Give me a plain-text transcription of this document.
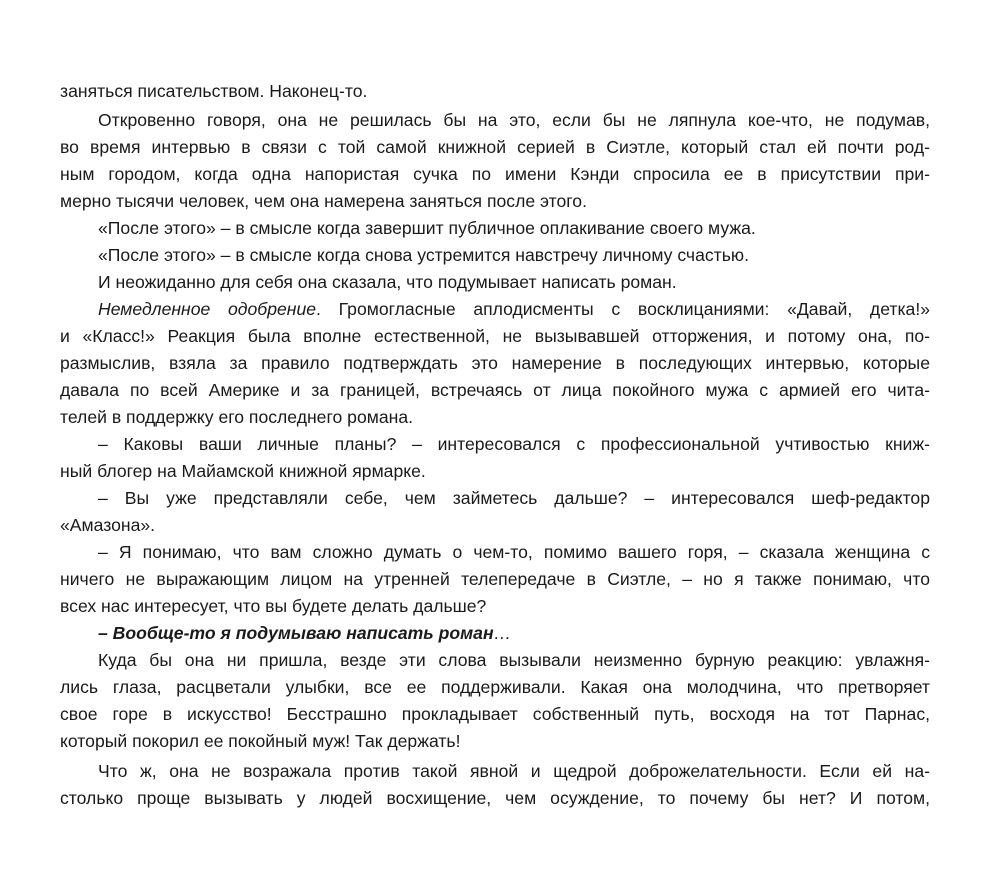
заняться писательством. Наконец-то.
Откровенно говоря, она не решилась бы на это, если бы не ляпнула кое-что, не подумав,
во время интервью в связи с той самой книжной серией в Сиэтле, который стал ей почти род-
ным городом, когда одна напористая сучка по имени Кэнди спросила ее в присутствии при-
мерно тысячи человек, чем она намерена заняться после этого.
«После этого» – в смысле когда завершит публичное оплакивание своего мужа.
«После этого» – в смысле когда снова устремится навстречу личному счастью.
И неожиданно для себя она сказала, что подумывает написать роман.
Немедленное одобрение. Громогласные аплодисменты с восклицаниями: «Давай, детка!»
и «Класс!» Реакция была вполне естественной, не вызывавшей отторжения, и потому она, по-
размыслив, взяла за правило подтверждать это намерение в последующих интервью, которые
давала по всей Америке и за границей, встречаясь от лица покойного мужа с армией его чита-
телей в поддержку его последнего романа.
– Каковы ваши личные планы? – интересовался с профессиональной учтивостью книж-
ный блогер на Майамской книжной ярмарке.
– Вы уже представляли себе, чем займетесь дальше? – интересовался шеф-редактор
«Амазона».
– Я понимаю, что вам сложно думать о чем-то, помимо вашего горя, – сказала женщина с
ничего не выражающим лицом на утренней телепередаче в Сиэтле, – но я также понимаю, что
всех нас интересует, что вы будете делать дальше?
– Вообще-то я подумываю написать роман…
Куда бы она ни пришла, везде эти слова вызывали неизменно бурную реакцию: увлажня-
лись глаза, расцветали улыбки, все ее поддерживали. Какая она молодчина, что претворяет
свое горе в искусство! Бесстрашно прокладывает собственный путь, восходя на тот Парнас,
который покорил ее покойный муж! Так держать!
Что ж, она не возражала против такой явной и щедрой доброжелательности. Если ей на-
столько проще вызывать у людей восхищение, чем осуждение, то почему бы нет? И потом,
